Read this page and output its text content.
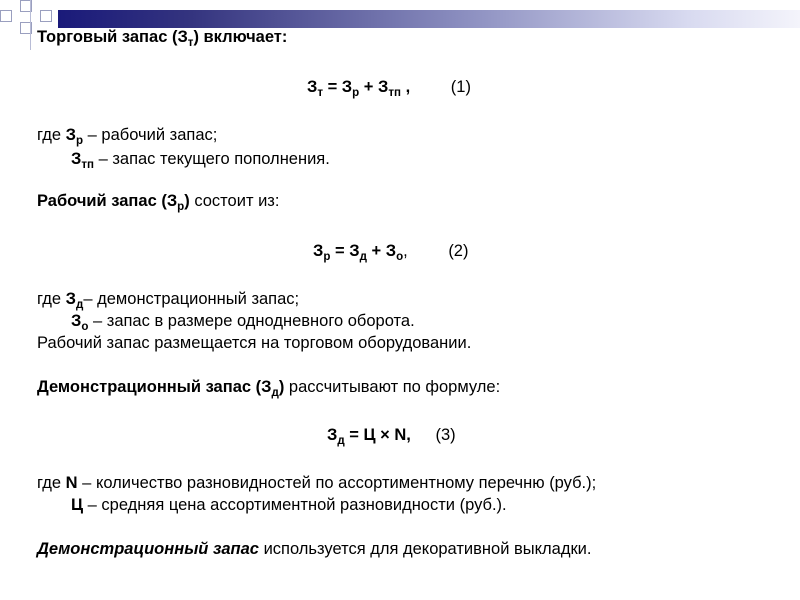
Торговый запас $(З_т)$ включает:
$З_т = З_р + З_{тп}$ , (1)
где $З_р$ – рабочий запас;
$З_{тп}$ – запас текущего пополнения.
Рабочий запас $(З_р)$ состоит из:
$З_р = З_д + З_о$, (2)
где $З_д-$ демонстрационный запас;
$З_о$ – запас в размере однодневного оборота.
Рабочий запас размещается на торговом оборудовании.
Демонстрационный запас $(З_д)$ рассчитывают по формуле:
$З_д = Ц \times N$, (3)
где N – количество разновидностей по ассортиментному перечню (руб.);
Ц – средняя цена ассортиментной разновидности (руб.).
Демонстрационный запас используется для декоративной выкладки.
